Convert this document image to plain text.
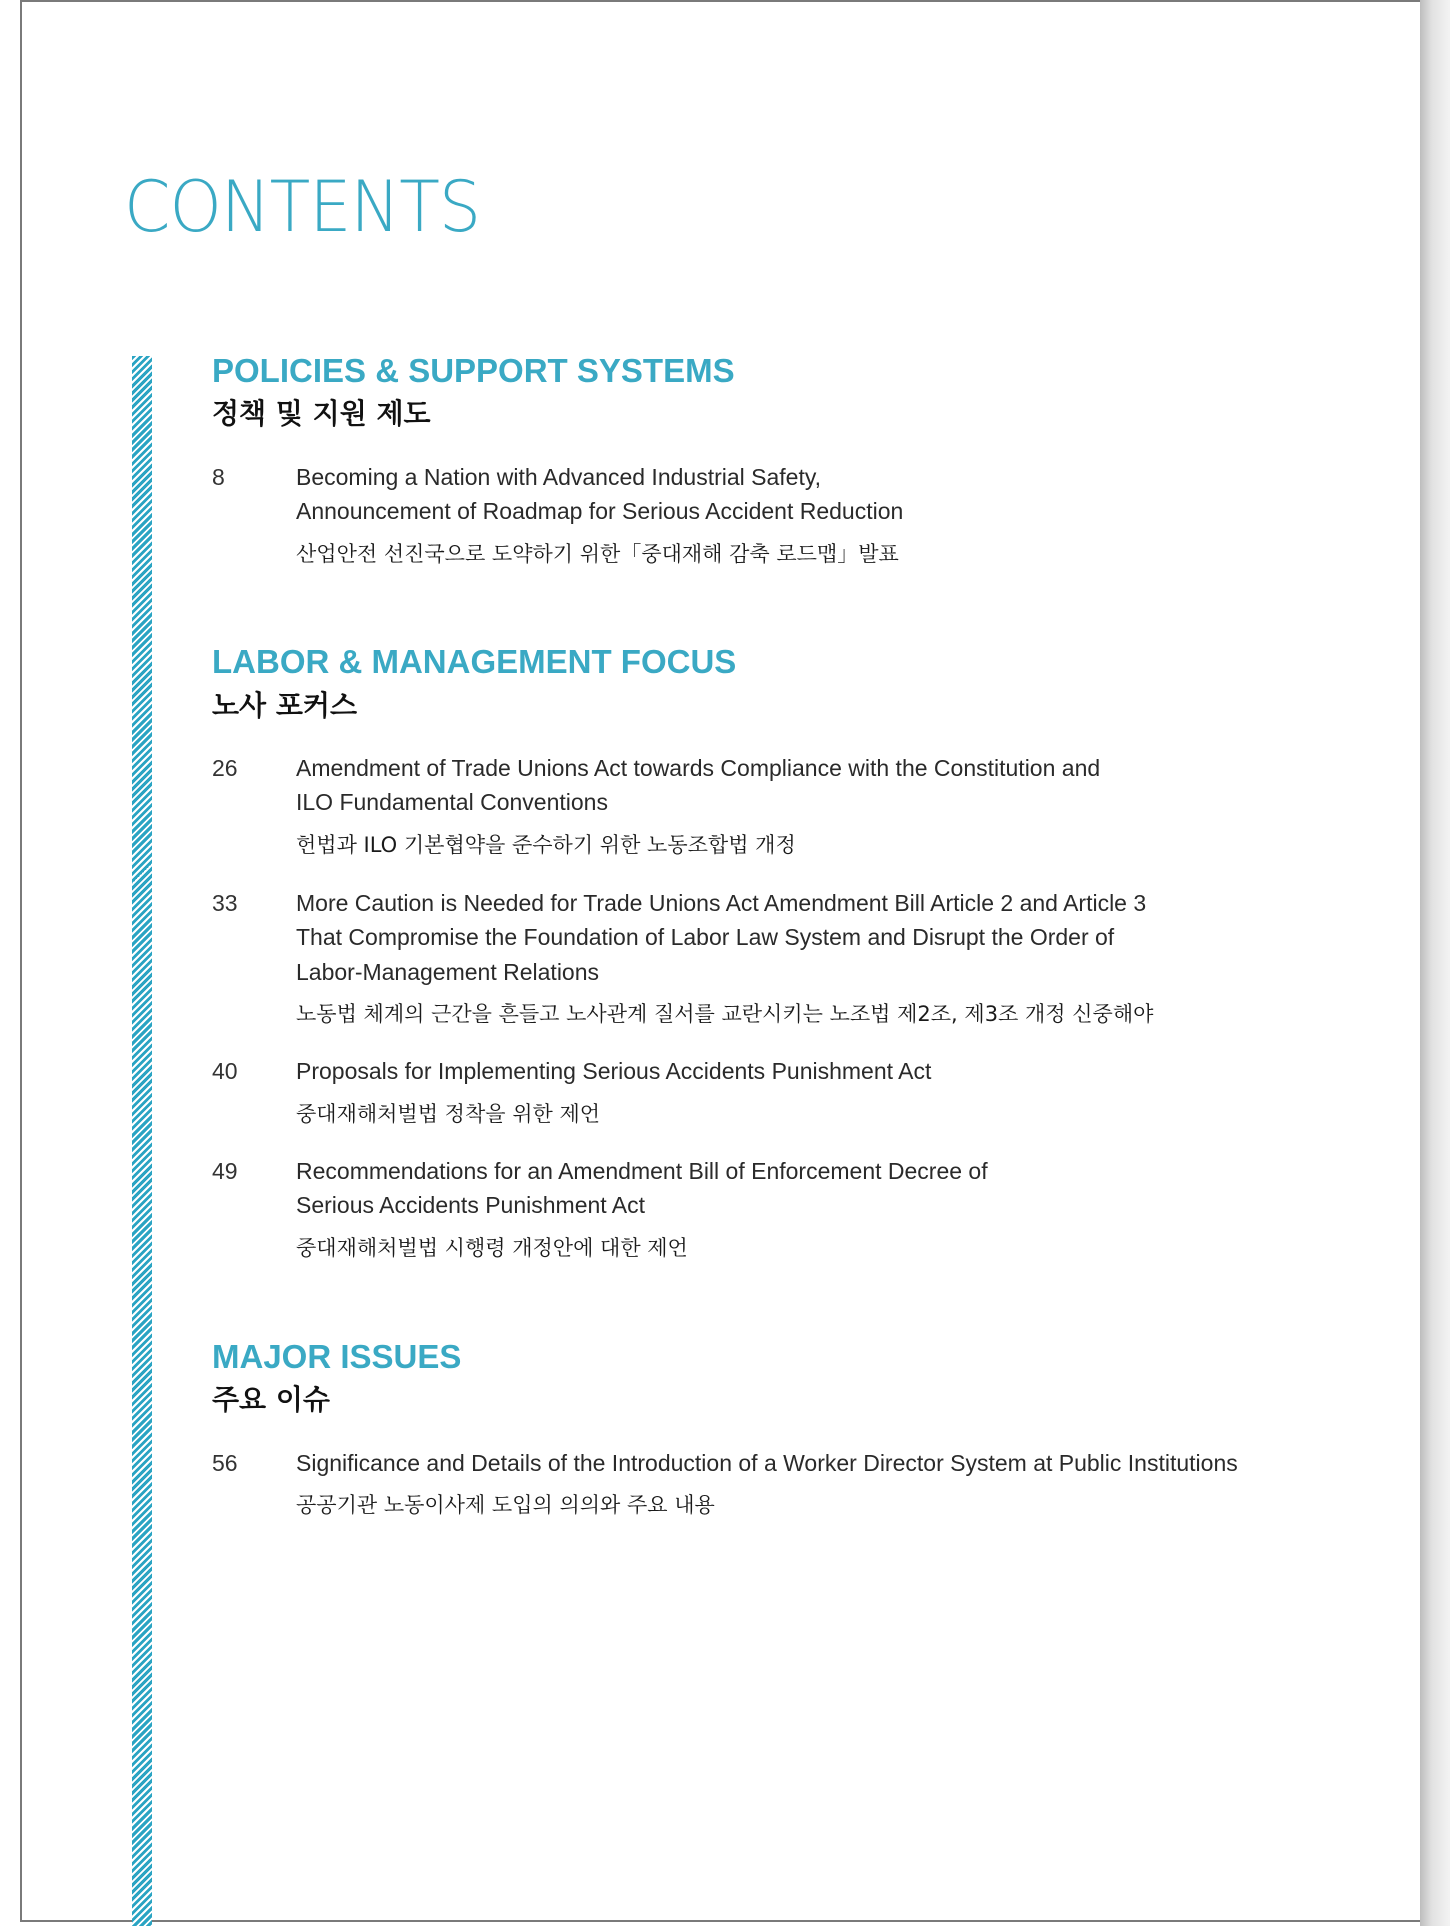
CONTENTS
POLICIES & SUPPORT SYSTEMS
정책 및 지원 제도
8	Becoming a Nation with Advanced Industrial Safety,
Announcement of Roadmap for Serious Accident Reduction
산업안전 선진국으로 도약하기 위한「중대재해 감축 로드맵」발표
LABOR & MANAGEMENT FOCUS
노사 포커스
26	Amendment of Trade Unions Act towards Compliance with the Constitution and
ILO Fundamental Conventions
헌법과 ILO 기본협약을 준수하기 위한 노동조합법 개정
33	More Caution is Needed for Trade Unions Act Amendment Bill Article 2 and Article 3
That Compromise the Foundation of Labor Law System and Disrupt the Order of
Labor-Management Relations
노동법 체계의 근간을 흔들고 노사관계 질서를 교란시키는 노조법 제2조, 제3조 개정 신중해야
40	Proposals for Implementing Serious Accidents Punishment Act
중대재해처벌법 정착을 위한 제언
49	Recommendations for an Amendment Bill of Enforcement Decree of
Serious Accidents Punishment Act
중대재해처벌법 시행령 개정안에 대한 제언
MAJOR ISSUES
주요 이슈
56	Significance and Details of the Introduction of a Worker Director System at Public Institutions
공공기관 노동이사제 도입의 의의와 주요 내용
